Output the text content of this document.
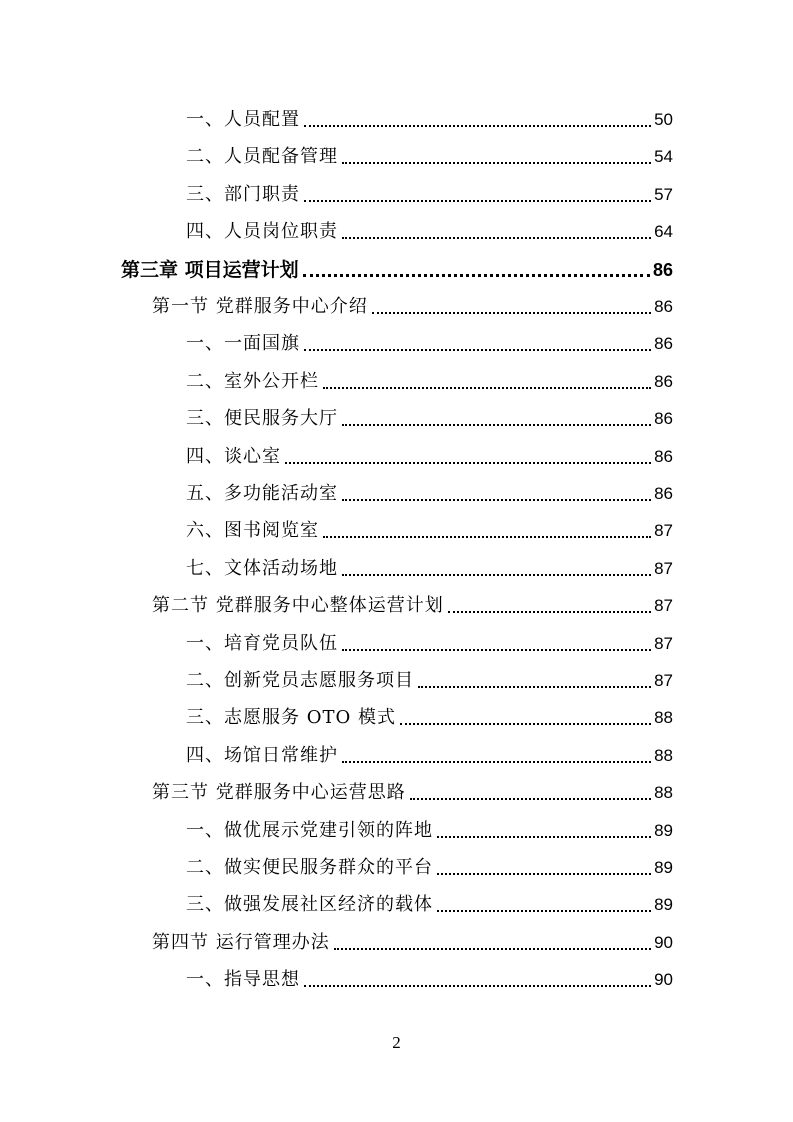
一、人员配置	50
二、人员配备管理	54
三、部门职责	57
四、人员岗位职责	64
第三章 项目运营计划	86
第一节 党群服务中心介绍	86
一、一面国旗	86
二、室外公开栏	86
三、便民服务大厅	86
四、谈心室	86
五、多功能活动室	86
六、图书阅览室	87
七、文体活动场地	87
第二节 党群服务中心整体运营计划	87
一、培育党员队伍	87
二、创新党员志愿服务项目	87
三、志愿服务 OTO 模式	88
四、场馆日常维护	88
第三节 党群服务中心运营思路	88
一、做优展示党建引领的阵地	89
二、做实便民服务群众的平台	89
三、做强发展社区经济的载体	89
第四节 运行管理办法	90
一、指导思想	90
2
